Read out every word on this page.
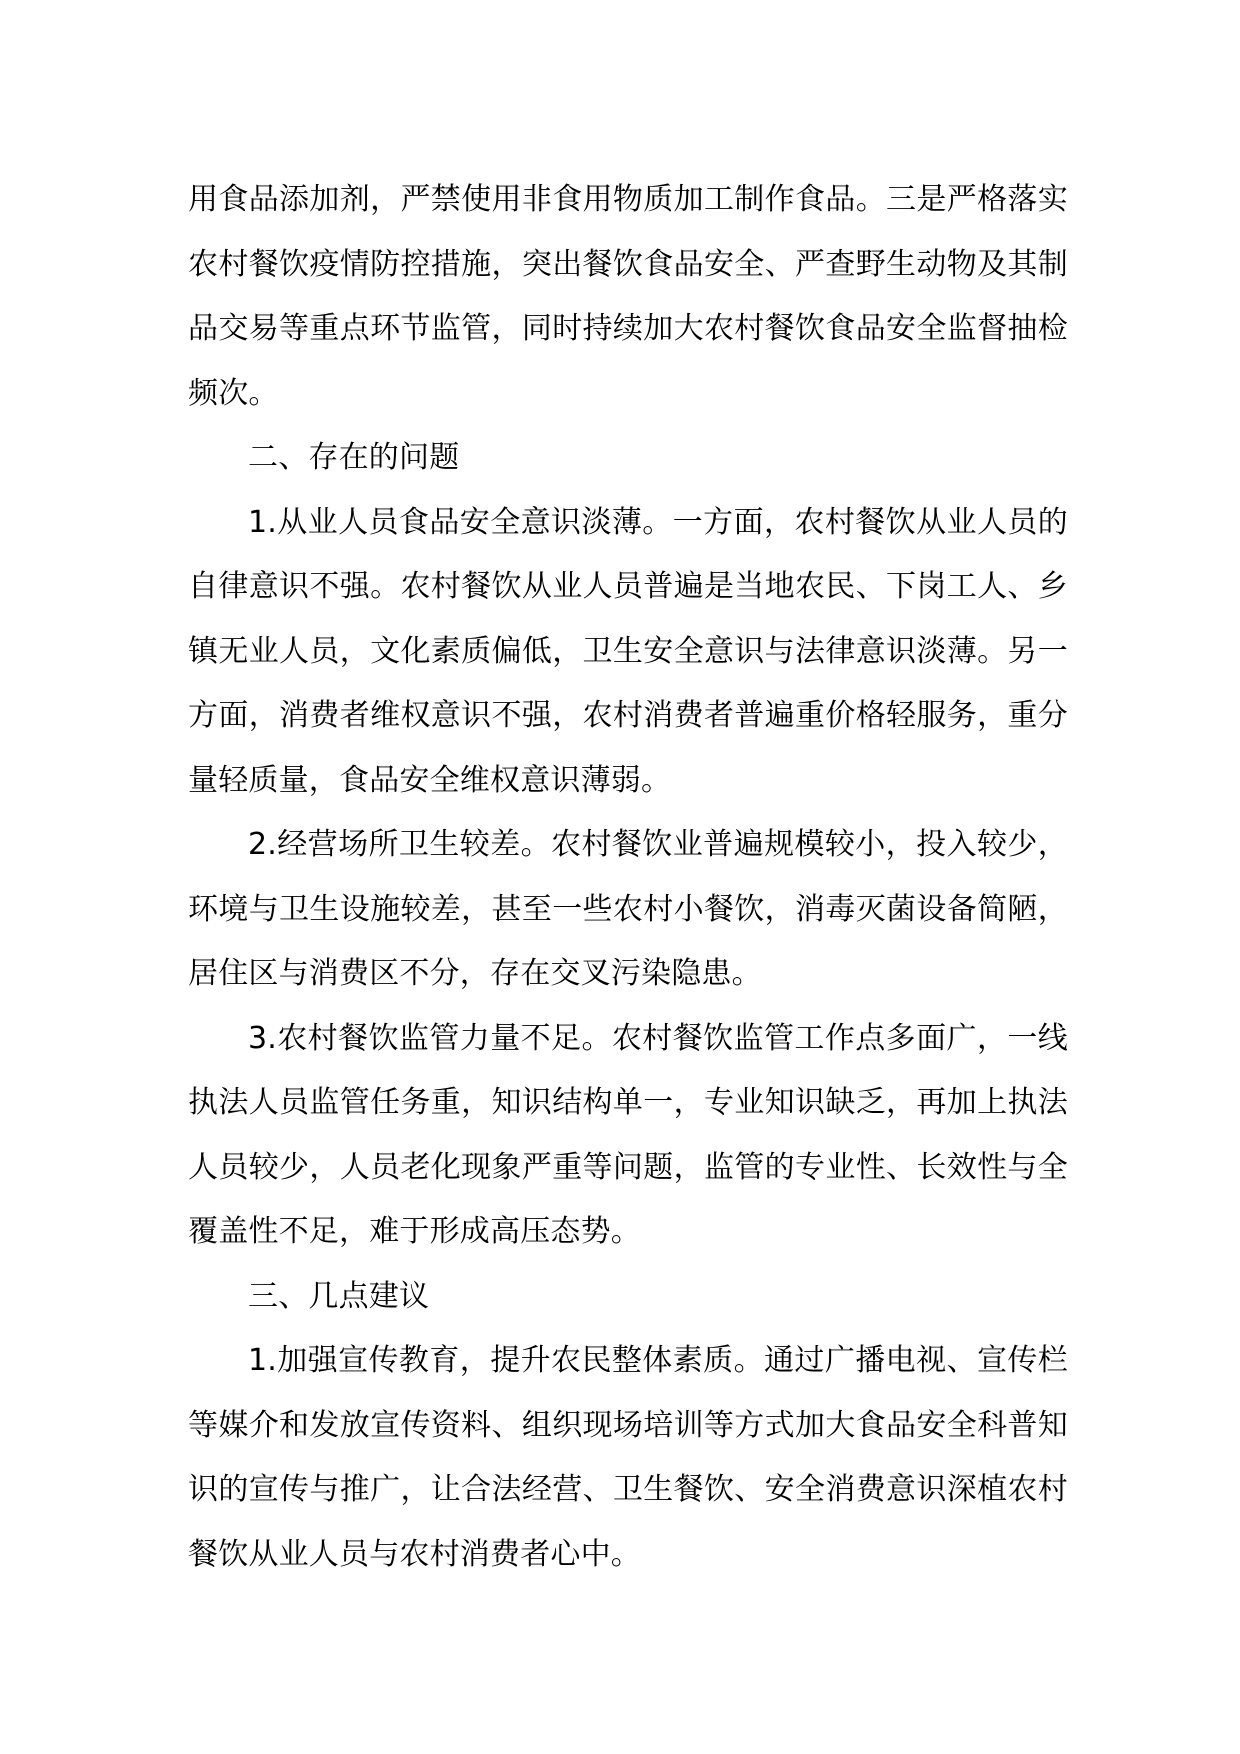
用食品添加剂，严禁使用非食用物质加工制作食品。三是严格落实农村餐饮疫情防控措施，突出餐饮食品安全、严查野生动物及其制品交易等重点环节监管，同时持续加大农村餐饮食品安全监督抽检频次。

二、存在的问题

1.从业人员食品安全意识淡薄。一方面，农村餐饮从业人员的自律意识不强。农村餐饮从业人员普遍是当地农民、下岗工人、乡镇无业人员，文化素质偏低，卫生安全意识与法律意识淡薄。另一方面，消费者维权意识不强，农村消费者普遍重价格轻服务，重分量轻质量，食品安全维权意识薄弱。

2.经营场所卫生较差。农村餐饮业普遍规模较小，投入较少，环境与卫生设施较差，甚至一些农村小餐饮，消毒灭菌设备简陋，居住区与消费区不分，存在交叉污染隐患。

3.农村餐饮监管力量不足。农村餐饮监管工作点多面广，一线执法人员监管任务重，知识结构单一，专业知识缺乏，再加上执法人员较少，人员老化现象严重等问题，监管的专业性、长效性与全覆盖性不足，难于形成高压态势。

三、几点建议

1.加强宣传教育，提升农民整体素质。通过广播电视、宣传栏等媒介和发放宣传资料、组织现场培训等方式加大食品安全科普知识的宣传与推广，让合法经营、卫生餐饮、安全消费意识深植农村餐饮从业人员与农村消费者心中。
